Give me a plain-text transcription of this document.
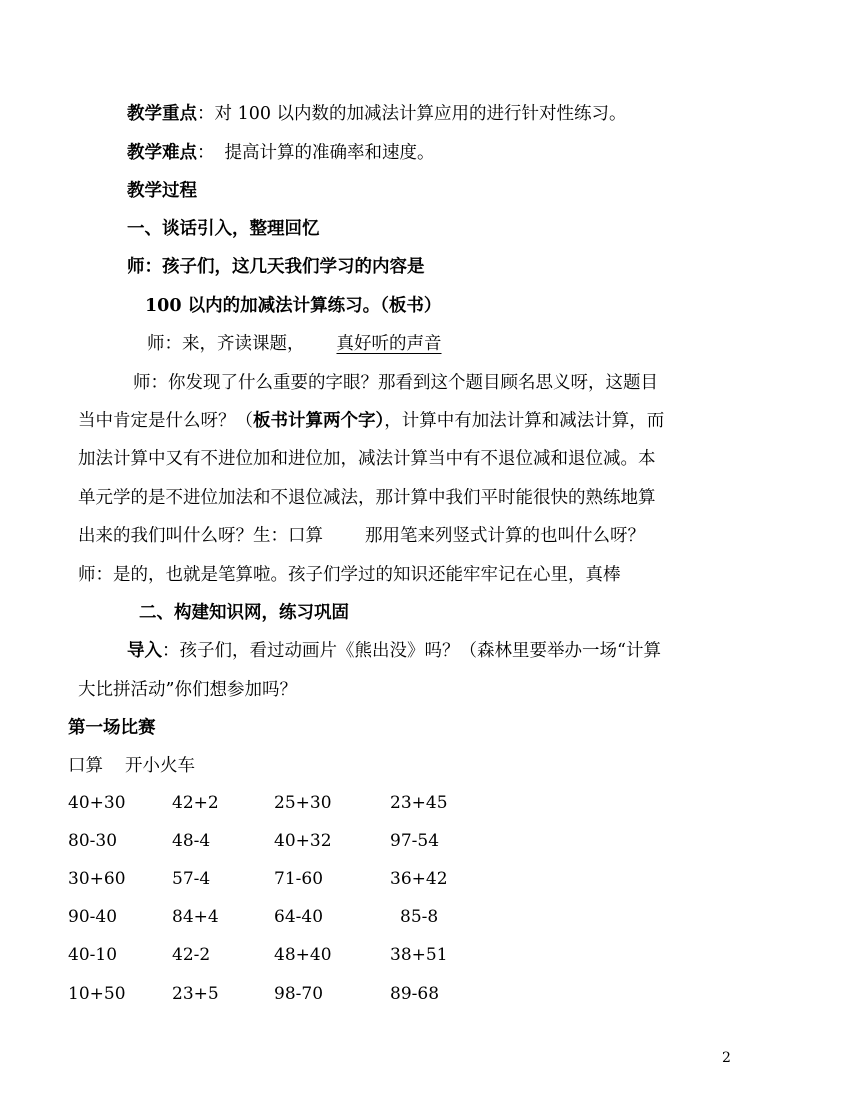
教学重点：对 100 以内数的加减法计算应用的进行针对性练习。
教学难点： 提高计算的准确率和速度。
教学过程
一、谈话引入，整理回忆
师：孩子们，这几天我们学习的内容是
100 以内的加减法计算练习。（板书）
师：来，齐读课题， 真好听的声音
师：你发现了什么重要的字眼？那看到这个题目顾名思义呀，这题目
当中肯定是什么呀？（板书计算两个字），计算中有加法计算和减法计算，而
加法计算中又有不进位加和进位加，减法计算当中有不退位减和退位减。本
单元学的是不进位加法和不退位减法，那计算中我们平时能很快的熟练地算
出来的我们叫什么呀？生：口算 那用笔来列竖式计算的也叫什么呀？
师：是的，也就是笔算啦。孩子们学过的知识还能牢牢记在心里，真棒
二、构建知识网，练习巩固
导入：孩子们，看过动画片《熊出没》吗？（森林里要举办一场“计算
大比拼活动”你们想参加吗？
第一场比赛
口算 开小火车
40+30	42+2	25+30	23+45
80-30	48-4	40+32	97-54
30+60	57-4	71-60	36+42
90-40	84+4	64-40	85-8
40-10	42-2	48+40	38+51
10+50	23+5	98-70	89-68
2
